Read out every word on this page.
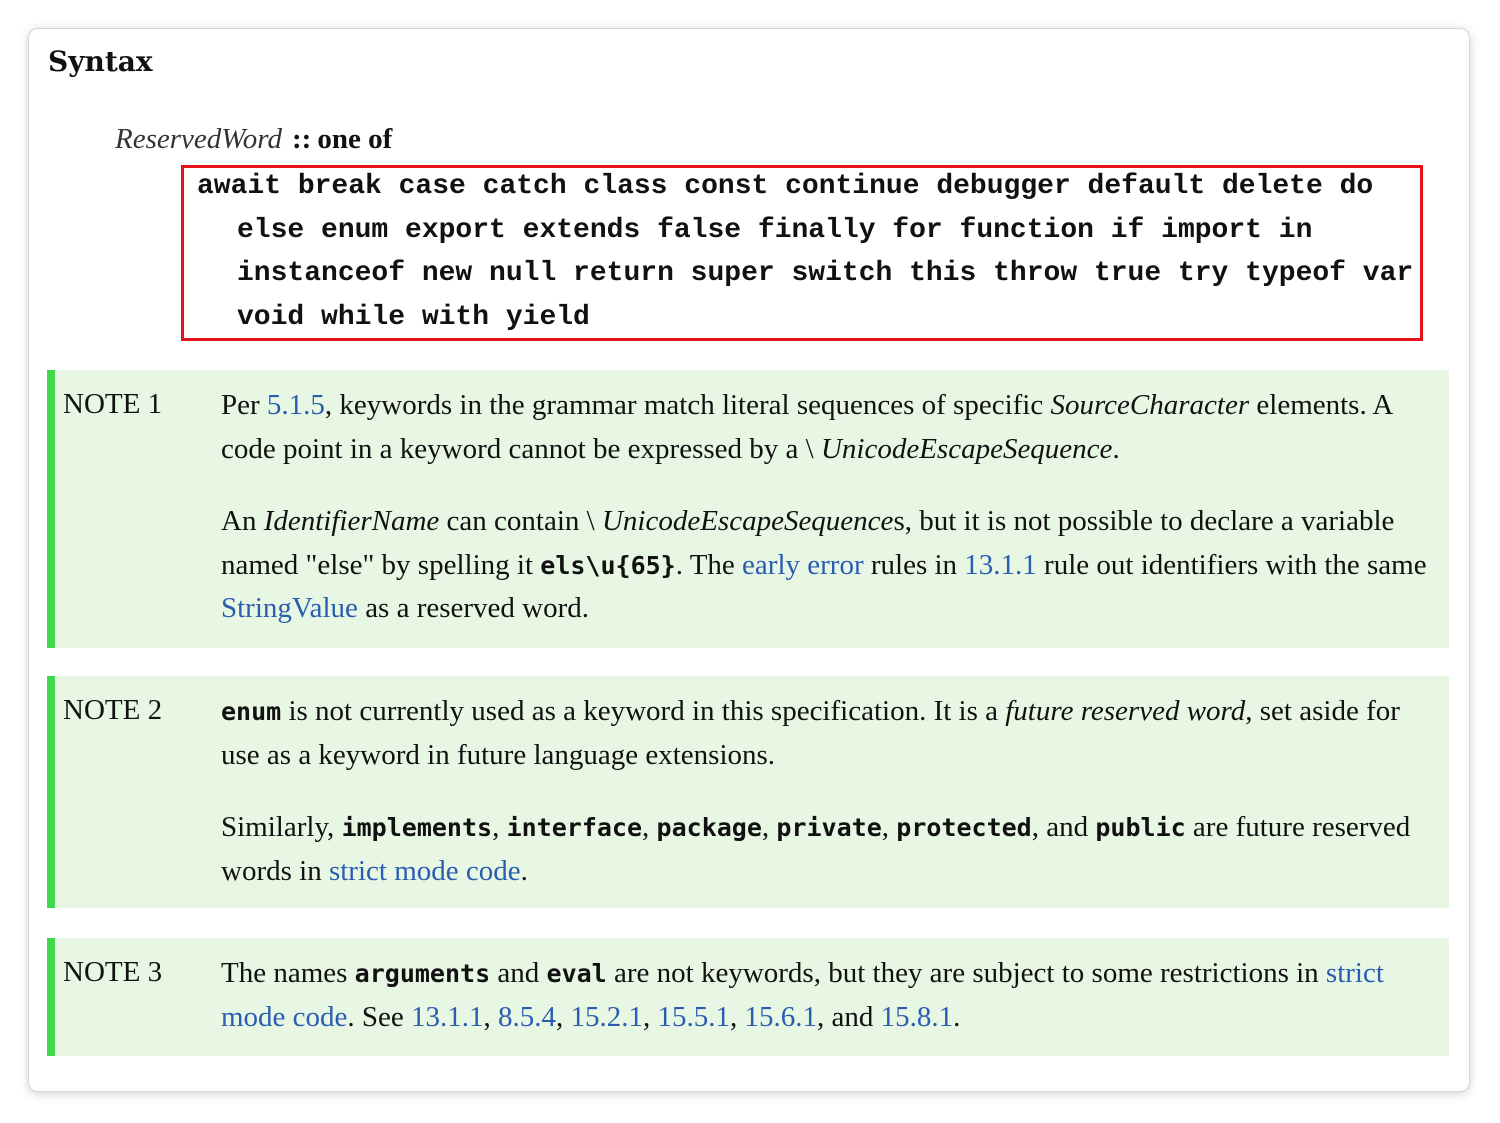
Syntax
ReservedWord :: one of
await break case catch class const continue debugger default delete do
else enum export extends false finally for function if import in
instanceof new null return super switch this throw true try typeof var
void while with yield
NOTE 1 Per 5.1.5, keywords in the grammar match literal sequences of specific SourceCharacter elements. A code point in a keyword cannot be expressed by a \ UnicodeEscapeSequence.

An IdentifierName can contain \ UnicodeEscapeSequences, but it is not possible to declare a variable named "else" by spelling it els\u{65}. The early error rules in 13.1.1 rule out identifiers with the same StringValue as a reserved word.

NOTE 2 enum is not currently used as a keyword in this specification. It is a future reserved word, set aside for use as a keyword in future language extensions.

Similarly, implements, interface, package, private, protected, and public are future reserved words in strict mode code.

NOTE 3 The names arguments and eval are not keywords, but they are subject to some restrictions in strict mode code. See 13.1.1, 8.5.4, 15.2.1, 15.5.1, 15.6.1, and 15.8.1.
